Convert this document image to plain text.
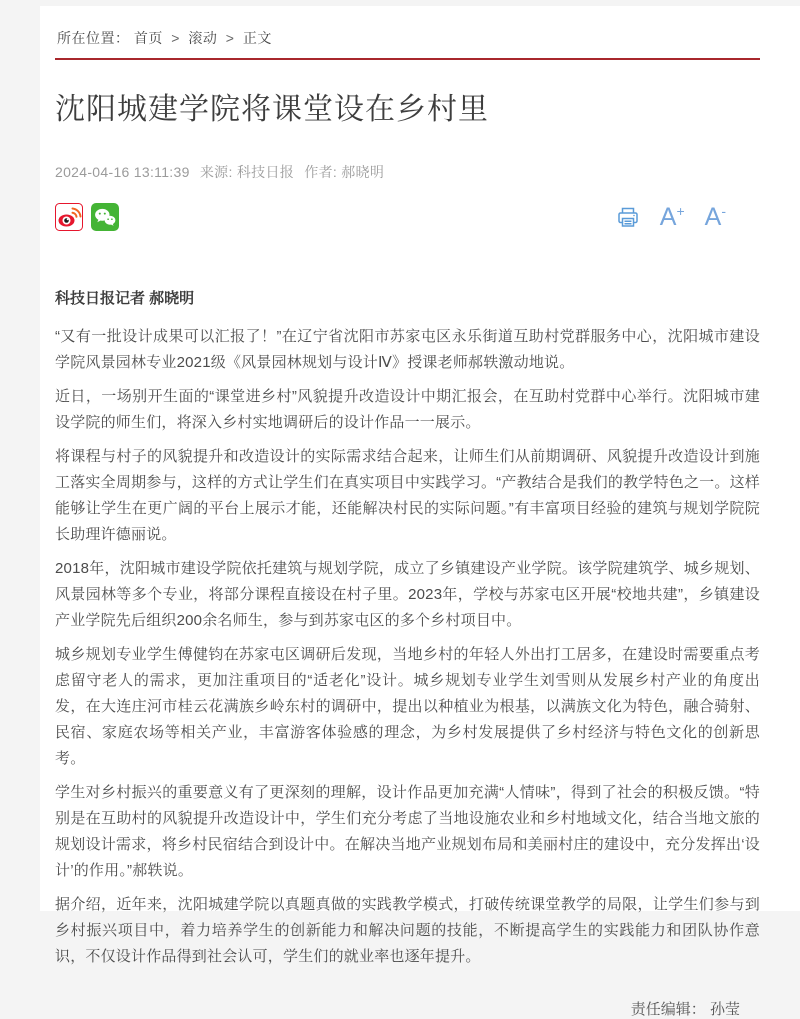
所在位置： 首页 > 滚动 > 正文
沈阳城建学院将课堂设在乡村里
2024-04-16 13:11:39 来源: 科技日报 作者: 郝晓明
A+ A-
科技日报记者 郝晓明

“又有一批设计成果可以汇报了！”在辽宁省沈阳市苏家屯区永乐街道互助村党群服务中心，沈阳城市建设学院风景园林专业2021级《风景园林规划与设计Ⅳ》授课老师郝轶激动地说。

近日，一场别开生面的“课堂进乡村”风貌提升改造设计中期汇报会，在互助村党群中心举行。沈阳城市建设学院的师生们，将深入乡村实地调研后的设计作品一一展示。

将课程与村子的风貌提升和改造设计的实际需求结合起来，让师生们从前期调研、风貌提升改造设计到施工落实全周期参与，这样的方式让学生们在真实项目中实践学习。“产教结合是我们的教学特色之一。这样能够让学生在更广阔的平台上展示才能，还能解决村民的实际问题。”有丰富项目经验的建筑与规划学院院长助理许德丽说。

2018年，沈阳城市建设学院依托建筑与规划学院，成立了乡镇建设产业学院。该学院建筑学、城乡规划、风景园林等多个专业，将部分课程直接设在村子里。2023年，学校与苏家屯区开展“校地共建”，乡镇建设产业学院先后组织200余名师生，参与到苏家屯区的多个乡村项目中。

城乡规划专业学生傅健钧在苏家屯区调研后发现，当地乡村的年轻人外出打工居多，在建设时需要重点考虑留守老人的需求，更加注重项目的“适老化”设计。城乡规划专业学生刘雪则从发展乡村产业的角度出发，在大连庄河市桂云花满族乡岭东村的调研中，提出以种植业为根基，以满族文化为特色，融合骑射、民宿、家庭农场等相关产业，丰富游客体验感的理念，为乡村发展提供了乡村经济与特色文化的创新思考。

学生对乡村振兴的重要意义有了更深刻的理解，设计作品更加充满“人情味”，得到了社会的积极反馈。“特别是在互助村的风貌提升改造设计中，学生们充分考虑了当地设施农业和乡村地域文化，结合当地文旅的规划设计需求，将乡村民宿结合到设计中。在解决当地产业规划布局和美丽村庄的建设中，充分发挥出‘设计’的作用。”郝轶说。

据介绍，近年来，沈阳城建学院以真题真做的实践教学模式，打破传统课堂教学的局限，让学生们参与到乡村振兴项目中，着力培养学生的创新能力和解决问题的技能，不断提高学生的实践能力和团队协作意识，不仅设计作品得到社会认可，学生们的就业率也逐年提升。

责任编辑： 孙莹
